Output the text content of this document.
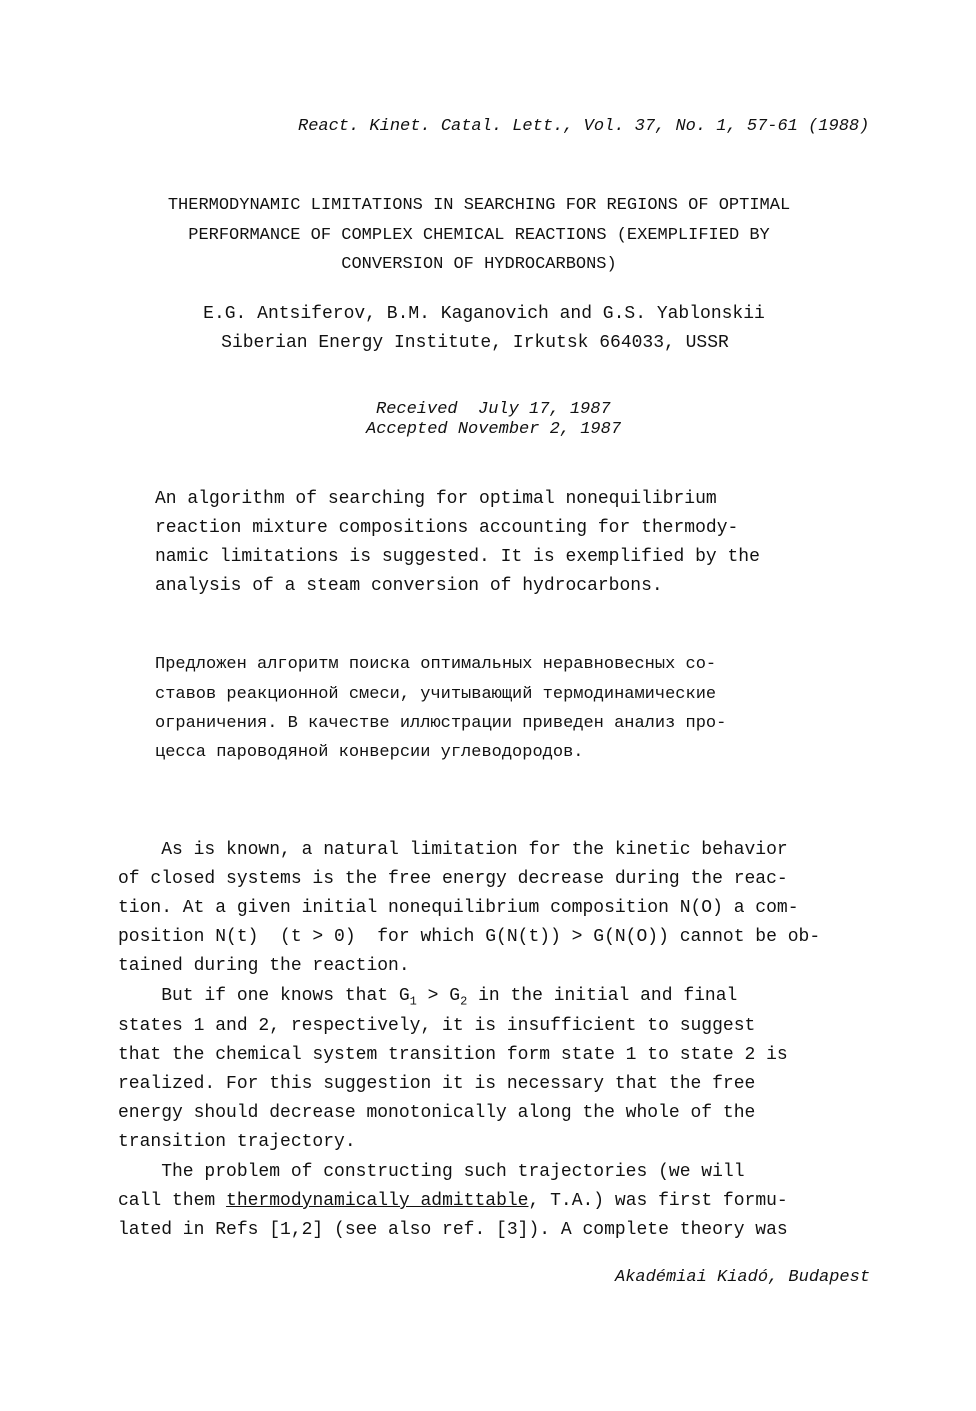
React. Kinet. Catal. Lett., Vol. 37, No. 1, 57-61 (1988)
THERMODYNAMIC LIMITATIONS IN SEARCHING FOR REGIONS OF OPTIMAL
PERFORMANCE OF COMPLEX CHEMICAL REACTIONS (EXEMPLIFIED BY
CONVERSION OF HYDROCARBONS)
E.G. Antsiferov, B.M. Kaganovich and G.S. Yablonskii
Siberian Energy Institute, Irkutsk 664033, USSR
Received  July 17, 1987
Accepted November 2, 1987
An algorithm of searching for optimal nonequilibrium
reaction mixture compositions accounting for thermody-
namic limitations is suggested. It is exemplified by the
analysis of a steam conversion of hydrocarbons.
Предложен алгоритм поиска оптимальных неравновесных со-
ставов реакционной смеси, учитывающий термодинамические
ограничения. В качестве иллюстрации приведен анализ про-
цесса пароводяной конверсии углеводородов.
As is known, a natural limitation for the kinetic behavior
of closed systems is the free energy decrease during the reac-
tion. At a given initial nonequilibrium composition N(O) a com-
position N(t)  (t > 0)  for which G(N(t)) > G(N(O)) cannot be ob-
tained during the reaction.
But if one knows that $G_1 > G_2$ in the initial and final
states 1 and 2, respectively, it is insufficient to suggest
that the chemical system transition form state 1 to state 2 is
realized. For this suggestion it is necessary that the free
energy should decrease monotonically along the whole of the
transition trajectory.
The problem of constructing such trajectories (we will
call them thermodynamically admittable, T.A.) was first formu-
lated in Refs [1,2] (see also ref. [3]). A complete theory was
Akadémiai Kiadó, Budapest
